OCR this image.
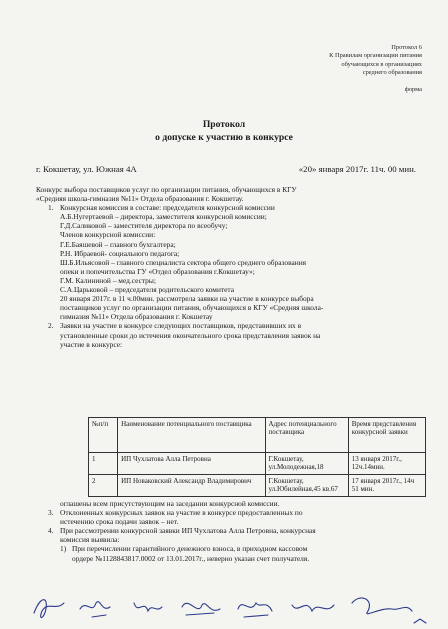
Протокол 6
К Правилам организации питания
обучающихся в организациях
среднего образования
форма
Протокол
о допуске к участию в конкурсе
г. Кокшетау, ул. Южная 4А	«20» января 2017г. 11ч. 00 мин.
Конкурс выбора поставщиков услуг по организации питания, обучающихся в КГУ
«Средняя школа-гимназия №11» Отдела образования г. Кокшетау.
1. Конкурсная комиссия в составе: председателя конкурсной комиссии
А.Б.Нугертаевой – директора, заместителя конкурсной комиссии;
Г.Д.Саликовой – заместителя директора по всеобучу;
Членов конкурсной комиссии:
Г.Е.Баяшевой – главного бухгалтера;
Р.Н. Ибраевой- социального педагога;
Ш.Б.Ильясовой – главного специалиста сектора общего среднего образования
опеки и попечительства ГУ «Отдел образования г.Кокшетау»;
Г.М. Калининой – мед.сестры;
С.А.Царьковой – председателя родительского комитета
20 января 2017г. в 11 ч.00мин. рассмотрела заявки на участие в конкурсе выбора
поставщиков услуг по организации питания, обучающихся в КГУ «Средняя школа-
гимназия №11» Отдела образования г. Кокшетау
2. Заявки на участие в конкурсе следующих поставщиков, представивших их в
установленные сроки до истечения окончательного срока представления заявок на
участие в конкурсе:
№п/п	Наименование потенциального поставщика	Адрес потенциального поставщика	Время представления конкурсной заявки
1	ИП Чухлатова Алла Петровна	Г.Кокшетау, ул.Молодежная,18	13 января 2017г., 12ч.14мин.
2	ИП Новаковский Александр Владимирович	Г.Кокшетау, ул.Юбилейная,45 кв.67	17 января 2017г., 14ч 51 мин.
оглашены всем присутствующим на заседании конкурсной комиссии.
3. Отклоненных конкурсных заявок на участие в конкурсе предоставленных по
истечению срока подачи заявок – нет.
4. При рассмотрении конкурсной заявки ИП Чухлатова Алла Петровна, конкурсная
комиссия выявила:
1) При перечислении гарантийного денежного взноса, в приходном кассовом
ордере №1128843817.0002 от 13.01.2017г., неверно указан счет получателя.
